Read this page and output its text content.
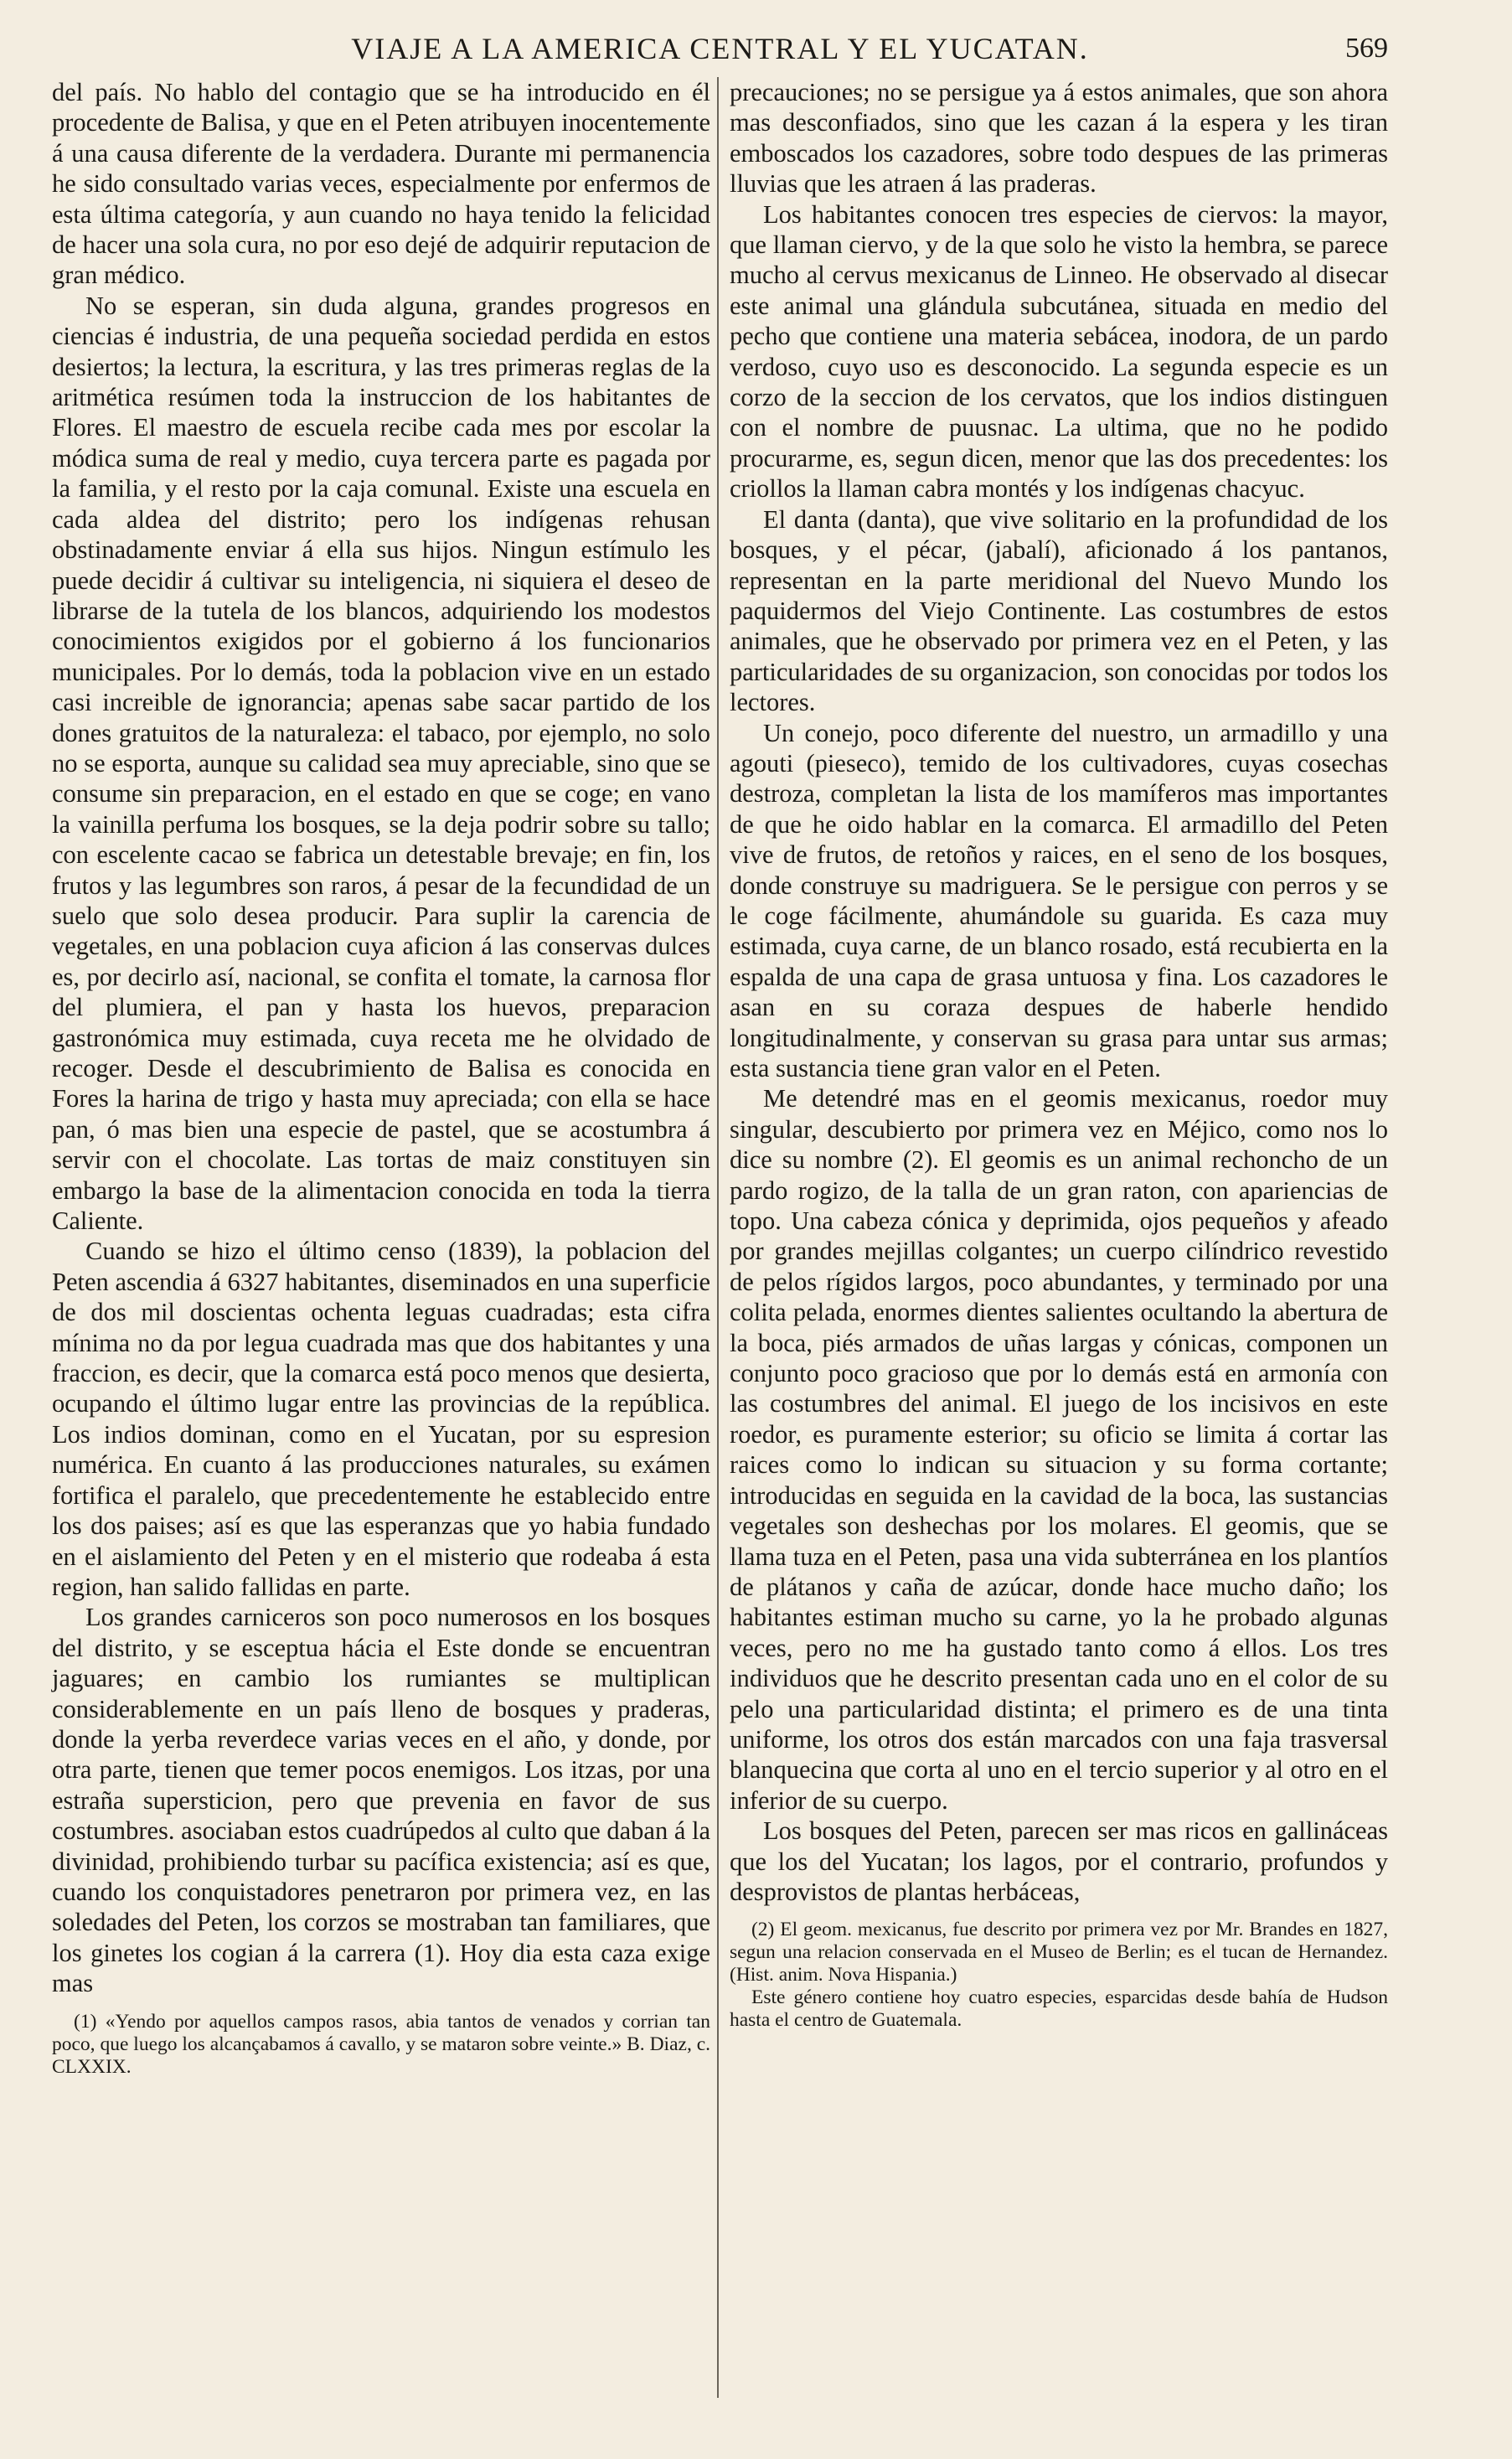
VIAJE A LA AMERICA CENTRAL Y EL YUCATAN.	569

del país. No hablo del contagio que se ha introducido en él procedente de Balisa, y que en el Peten atribuyen inocentemente á una causa diferente de la verdadera. Durante mi permanencia he sido consultado varias veces, especialmente por enfermos de esta última categoría, y aun cuando no haya tenido la felicidad de hacer una sola cura, no por eso dejé de adquirir reputacion de gran médico.

No se esperan, sin duda alguna, grandes progresos en ciencias é industria, de una pequeña sociedad perdida en estos desiertos; la lectura, la escritura, y las tres primeras reglas de la aritmética resúmen toda la instruccion de los habitantes de Flores. El maestro de escuela recibe cada mes por escolar la módica suma de real y medio, cuya tercera parte es pagada por la familia, y el resto por la caja comunal. Existe una escuela en cada aldea del distrito; pero los indígenas rehusan obstinadamente enviar á ella sus hijos. Ningun estímulo les puede decidir á cultivar su inteligencia, ni siquiera el deseo de librarse de la tutela de los blancos, adquiriendo los modestos conocimientos exigidos por el gobierno á los funcionarios municipales. Por lo demás, toda la poblacion vive en un estado casi increible de ignorancia; apenas sabe sacar partido de los dones gratuitos de la naturaleza: el tabaco, por ejemplo, no solo no se esporta, aunque su calidad sea muy apreciable, sino que se consume sin preparacion, en el estado en que se coge; en vano la vainilla perfuma los bosques, se la deja podrir sobre su tallo; con escelente cacao se fabrica un detestable brevaje; en fin, los frutos y las legumbres son raros, á pesar de la fecundidad de un suelo que solo desea producir. Para suplir la carencia de vegetales, en una poblacion cuya aficion á las conservas dulces es, por decirlo así, nacional, se confita el tomate, la carnosa flor del plumiera, el pan y hasta los huevos, preparacion gastronómica muy estimada, cuya receta me he olvidado de recoger. Desde el descubrimiento de Balisa es conocida en Fores la harina de trigo y hasta muy apreciada; con ella se hace pan, ó mas bien una especie de pastel, que se acostumbra á servir con el chocolate. Las tortas de maiz constituyen sin embargo la base de la alimentacion conocida en toda la tierra Caliente.

Cuando se hizo el último censo (1839), la poblacion del Peten ascendia á 6327 habitantes, diseminados en una superficie de dos mil doscientas ochenta leguas cuadradas; esta cifra mínima no da por legua cuadrada mas que dos habitantes y una fraccion, es decir, que la comarca está poco menos que desierta, ocupando el último lugar entre las provincias de la república. Los indios dominan, como en el Yucatan, por su espresion numérica. En cuanto á las producciones naturales, su exámen fortifica el paralelo, que precedentemente he establecido entre los dos paises; así es que las esperanzas que yo habia fundado en el aislamiento del Peten y en el misterio que rodeaba á esta region, han salido fallidas en parte.

Los grandes carniceros son poco numerosos en los bosques del distrito, y se esceptua hácia el Este donde se encuentran jaguares; en cambio los rumiantes se multiplican considerablemente en un país lleno de bosques y praderas, donde la yerba reverdece varias veces en el año, y donde, por otra parte, tienen que temer pocos enemigos. Los itzas, por una estraña supersticion, pero que prevenia en favor de sus costumbres. asociaban estos cuadrúpedos al culto que daban á la divinidad, prohibiendo turbar su pacífica existencia; así es que, cuando los conquistadores penetraron por primera vez, en las soledades del Peten, los corzos se mostraban tan familiares, que los ginetes los cogian á la carrera (1). Hoy dia esta caza exige mas

(1) «Yendo por aquellos campos rasos, abia tantos de venados y corrian tan poco, que luego los alcançabamos á cavallo, y se mataron sobre veinte.» B. Diaz, c. CLXXIX.

precauciones; no se persigue ya á estos animales, que son ahora mas desconfiados, sino que les cazan á la espera y les tiran emboscados los cazadores, sobre todo despues de las primeras lluvias que les atraen á las praderas.

Los habitantes conocen tres especies de ciervos: la mayor, que llaman ciervo, y de la que solo he visto la hembra, se parece mucho al cervus mexicanus de Linneo. He observado al disecar este animal una glándula subcutánea, situada en medio del pecho que contiene una materia sebácea, inodora, de un pardo verdoso, cuyo uso es desconocido. La segunda especie es un corzo de la seccion de los cervatos, que los indios distinguen con el nombre de puusnac. La ultima, que no he podido procurarme, es, segun dicen, menor que las dos precedentes: los criollos la llaman cabra montés y los indígenas chacyuc.

El danta (danta), que vive solitario en la profundidad de los bosques, y el pécar, (jabalí), aficionado á los pantanos, representan en la parte meridional del Nuevo Mundo los paquidermos del Viejo Continente. Las costumbres de estos animales, que he observado por primera vez en el Peten, y las particularidades de su organizacion, son conocidas por todos los lectores.

Un conejo, poco diferente del nuestro, un armadillo y una agouti (pieseco), temido de los cultivadores, cuyas cosechas destroza, completan la lista de los mamíferos mas importantes de que he oido hablar en la comarca. El armadillo del Peten vive de frutos, de retoños y raices, en el seno de los bosques, donde construye su madriguera. Se le persigue con perros y se le coge fácilmente, ahumándole su guarida. Es caza muy estimada, cuya carne, de un blanco rosado, está recubierta en la espalda de una capa de grasa untuosa y fina. Los cazadores le asan en su coraza despues de haberle hendido longitudinalmente, y conservan su grasa para untar sus armas; esta sustancia tiene gran valor en el Peten.

Me detendré mas en el geomis mexicanus, roedor muy singular, descubierto por primera vez en Méjico, como nos lo dice su nombre (2). El geomis es un animal rechoncho de un pardo rogizo, de la talla de un gran raton, con apariencias de topo. Una cabeza cónica y deprimida, ojos pequeños y afeado por grandes mejillas colgantes; un cuerpo cilíndrico revestido de pelos rígidos largos, poco abundantes, y terminado por una colita pelada, enormes dientes salientes ocultando la abertura de la boca, piés armados de uñas largas y cónicas, componen un conjunto poco gracioso que por lo demás está en armonía con las costumbres del animal. El juego de los incisivos en este roedor, es puramente esterior; su oficio se limita á cortar las raices como lo indican su situacion y su forma cortante; introducidas en seguida en la cavidad de la boca, las sustancias vegetales son deshechas por los molares. El geomis, que se llama tuza en el Peten, pasa una vida subterránea en los plantíos de plátanos y caña de azúcar, donde hace mucho daño; los habitantes estiman mucho su carne, yo la he probado algunas veces, pero no me ha gustado tanto como á ellos. Los tres individuos que he descrito presentan cada uno en el color de su pelo una particularidad distinta; el primero es de una tinta uniforme, los otros dos están marcados con una faja trasversal blanquecina que corta al uno en el tercio superior y al otro en el inferior de su cuerpo.

Los bosques del Peten, parecen ser mas ricos en gallináceas que los del Yucatan; los lagos, por el contrario, profundos y desprovistos de plantas herbáceas,

(2) El geom. mexicanus, fue descrito por primera vez por Mr. Brandes en 1827, segun una relacion conservada en el Museo de Berlin; es el tucan de Hernandez. (Hist. anim. Nova Hispania.)

Este género contiene hoy cuatro especies, esparcidas desde bahía de Hudson hasta el centro de Guatemala.
